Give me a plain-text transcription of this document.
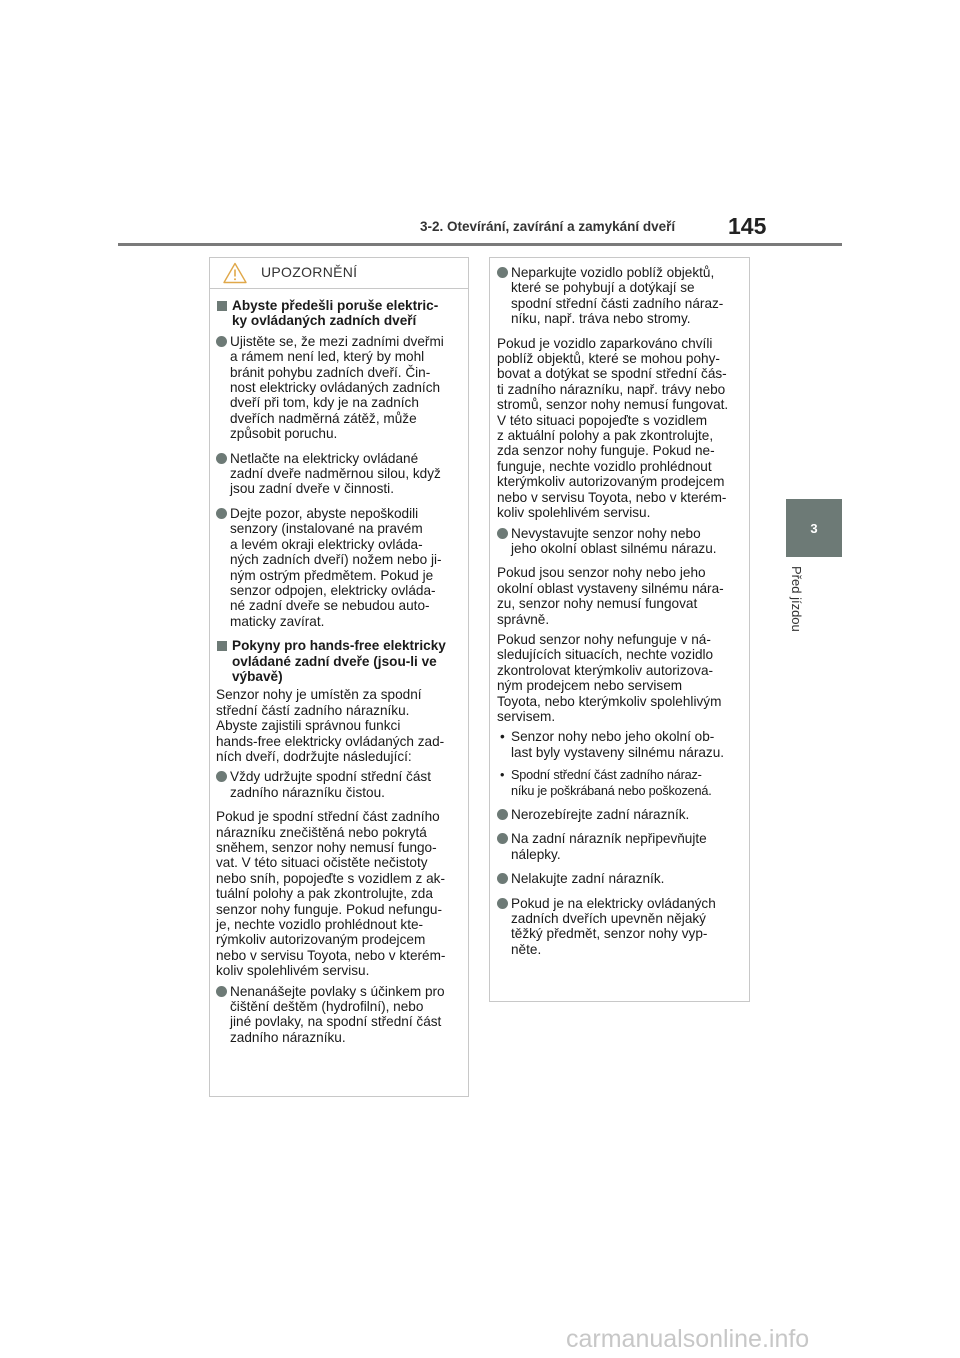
3-2. Otevírání, zavírání a zamykání dveří	145
3
Před jízdou
UPOZORNĚNÍ
Abyste předešli poruše elektric-
ky ovládaných zadních dveří
Ujistěte se, že mezi zadními dveřmi
a rámem není led, který by mohl
bránit pohybu zadních dveří. Čin-
nost elektricky ovládaných zadních
dveří při tom, kdy je na zadních
dveřích nadměrná zátěž, může
způsobit poruchu.
Netlačte na elektricky ovládané
zadní dveře nadměrnou silou, když
jsou zadní dveře v činnosti.
Dejte pozor, abyste nepoškodili
senzory (instalované na pravém
a levém okraji elektricky ovláda-
ných zadních dveří) nožem nebo ji-
ným ostrým předmětem. Pokud je
senzor odpojen, elektricky ovláda-
né zadní dveře se nebudou auto-
maticky zavírat.
Pokyny pro hands-free elektricky
ovládané zadní dveře (jsou-li ve
výbavě)
Senzor nohy je umístěn za spodní
střední částí zadního nárazníku.
Abyste zajistili správnou funkci
hands-free elektricky ovládaných zad-
ních dveří, dodržujte následující:
Vždy udržujte spodní střední část
zadního nárazníku čistou.
Pokud je spodní střední část zadního
nárazníku znečištěná nebo pokrytá
sněhem, senzor nohy nemusí fungo-
vat. V této situaci očistěte nečistoty
nebo sníh, popojeďte s vozidlem z ak-
tuální polohy a pak zkontrolujte, zda
senzor nohy funguje. Pokud nefungu-
je, nechte vozidlo prohlédnout kte-
rýmkoliv autorizovaným prodejcem
nebo v servisu Toyota, nebo v kterém-
koliv spolehlivém servisu.
Nenanášejte povlaky s účinkem pro
čištění deštěm (hydrofilní), nebo
jiné povlaky, na spodní střední část
zadního nárazníku.
Neparkujte vozidlo poblíž objektů,
které se pohybují a dotýkají se
spodní střední části zadního náraz-
níku, např. tráva nebo stromy.
Pokud je vozidlo zaparkováno chvíli
poblíž objektů, které se mohou pohy-
bovat a dotýkat se spodní střední čás-
ti zadního nárazníku, např. trávy nebo
stromů, senzor nohy nemusí fungovat.
V této situaci popojeďte s vozidlem
z aktuální polohy a pak zkontrolujte,
zda senzor nohy funguje. Pokud ne-
funguje, nechte vozidlo prohlédnout
kterýmkoliv autorizovaným prodejcem
nebo v servisu Toyota, nebo v kterém-
koliv spolehlivém servisu.
Nevystavujte senzor nohy nebo
jeho okolní oblast silnému nárazu.
Pokud jsou senzor nohy nebo jeho
okolní oblast vystaveny silnému nára-
zu, senzor nohy nemusí fungovat
správně.
Pokud senzor nohy nefunguje v ná-
sledujících situacích, nechte vozidlo
zkontrolovat kterýmkoliv autorizova-
ným prodejcem nebo servisem
Toyota, nebo kterýmkoliv spolehlivým
servisem.
• Senzor nohy nebo jeho okolní ob-
last byly vystaveny silnému nárazu.
• Spodní střední část zadního náraz-
níku je poškrábaná nebo poškozená.
Nerozebírejte zadní nárazník.
Na zadní nárazník nepřipevňujte
nálepky.
Nelakujte zadní nárazník.
Pokud je na elektricky ovládaných
zadních dveřích upevněn nějaký
těžký předmět, senzor nohy vyp-
něte.
carmanualsonline.info
